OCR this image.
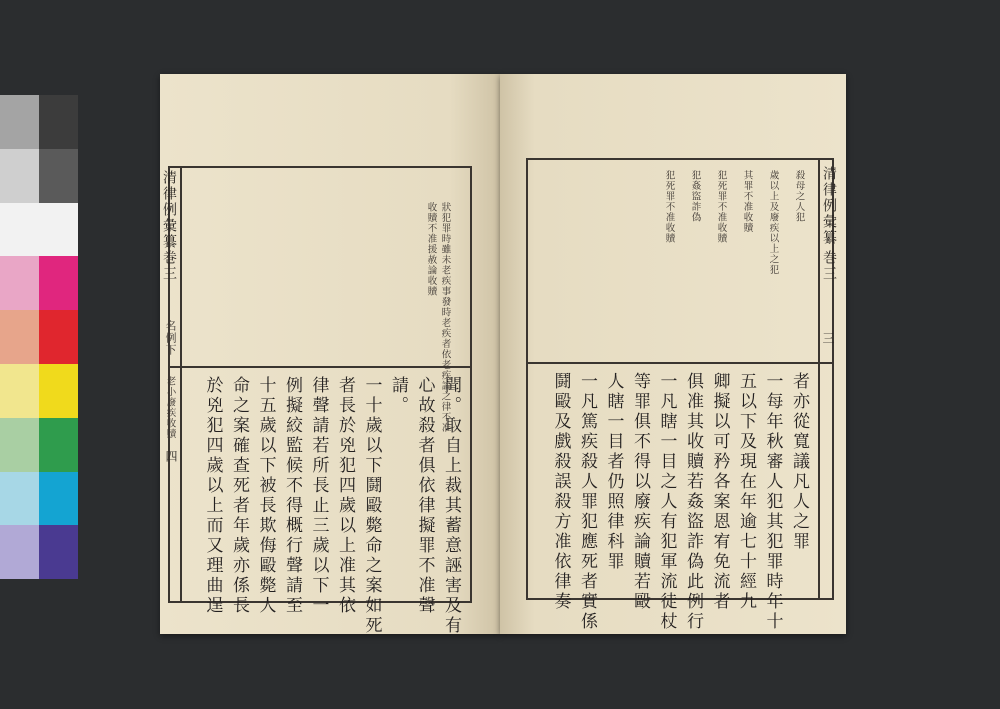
清律例彙纂
巻三
名例下
老小廢疾收贖
四
狀犯罪時雖未老疾事發時老疾者依老疾論之律不准
收贖不准援赦論收贖
聞。取自上裁其蓄意誣害及有
心故殺者俱依律擬罪不准聲
請。
一十歲以下鬪毆斃命之案如死
者長於兇犯四歲以上准其依
律聲請若所長止三歲以下一
例擬絞監候不得概行聲請至
十五歲以下被長欺侮毆斃人
命之案確查死者年歲亦係長
於兇犯四歲以上而又理曲逞
清律例彙纂
巻三
三
殺母之人犯
歲以上及廢疾以上之犯
其罪不准收贖
犯死罪不准收贖
犯姦盜詐偽
犯死罪不准收贖
者亦從寬議凡人之罪
一每年秋審人犯其犯罪時年十
五以下及現在年逾七十經九
卿擬以可矜各案恩宥免流者
俱准其收贖若姦盜詐偽此例行
一凡瞎一目之人有犯軍流徒杖
等罪俱不得以廢疾論贖若毆
人瞎一目者仍照律科罪
一凡篤疾殺人罪犯應死者實係
鬪毆及戲殺誤殺方准依律奏
